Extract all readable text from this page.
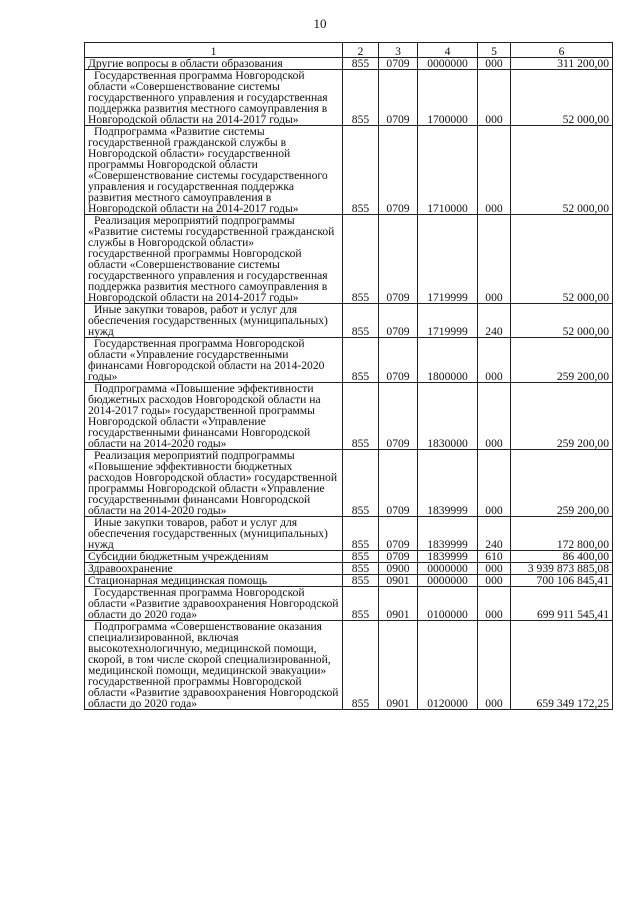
10
1	2	3	4	5	6

Другие вопросы в области образования	855	0709	0000000	000	311 200,00

Государственная программа Новгородской области «Совершенствование системы государственного управления и государственная поддержка развития местного самоуправления в Новгородской области на 2014-2017 годы»	855	0709	1700000	000	52 000,00

Подпрограмма «Развитие системы государственной гражданской службы в Новгородской области» государственной программы Новгородской области «Совершенствование системы государственного управления и государственная поддержка развития местного самоуправления в Новгородской области на 2014-2017 годы»	855	0709	1710000	000	52 000,00

Реализация мероприятий подпрограммы «Развитие системы государственной гражданской службы в Новгородской области» государственной программы Новгородской области «Совершенствование системы государственного управления и государственная поддержка развития местного самоуправления в Новгородской области на 2014-2017 годы»	855	0709	1719999	000	52 000,00

Иные закупки товаров, работ и услуг для обеспечения государственных (муниципальных) нужд	855	0709	1719999	240	52 000,00

Государственная программа Новгородской области «Управление государственными финансами Новгородской области на 2014-2020 годы»	855	0709	1800000	000	259 200,00

Подпрограмма «Повышение эффективности бюджетных расходов Новгородской области на 2014-2017 годы» государственной программы Новгородской области «Управление государственными финансами Новгородской области на 2014-2020 годы»	855	0709	1830000	000	259 200,00

Реализация мероприятий подпрограммы «Повышение эффективности бюджетных расходов Новгородской области» государственной программы Новгородской области «Управление государственными финансами Новгородской области на 2014-2020 годы»	855	0709	1839999	000	259 200,00

Иные закупки товаров, работ и услуг для обеспечения государственных (муниципальных) нужд	855	0709	1839999	240	172 800,00

Субсидии бюджетным учреждениям	855	0709	1839999	610	86 400,00

Здравоохранение	855	0900	0000000	000	3 939 873 885,08

Стационарная медицинская помощь	855	0901	0000000	000	700 106 845,41

Государственная программа Новгородской области «Развитие здравоохранения Новгородской области до 2020 года»	855	0901	0100000	000	699 911 545,41

Подпрограмма «Совершенствование оказания специализированной, включая высокотехнологичную, медицинской помощи, скорой, в том числе скорой специализированной, медицинской помощи, медицинской эвакуации» государственной программы Новгородской области «Развитие здравоохранения Новгородской области до 2020 года»	855	0901	0120000	000	659 349 172,25
